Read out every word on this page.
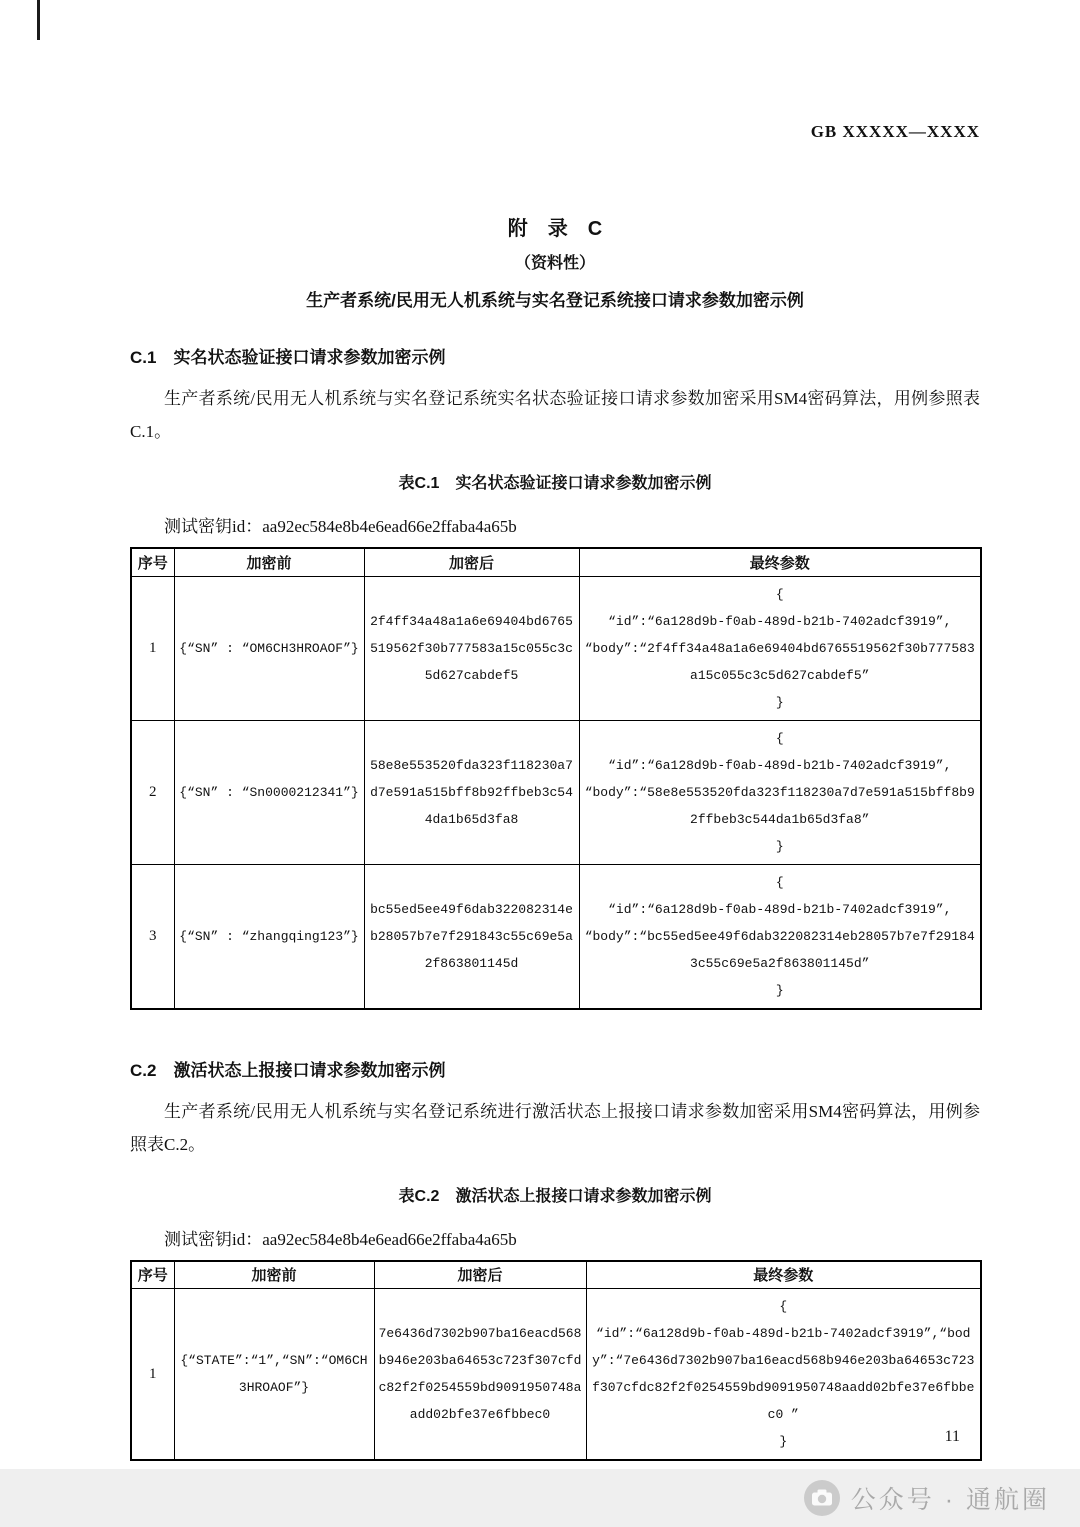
GB XXXXX—XXXX
附　录　C
（资料性）
生产者系统/民用无人机系统与实名登记系统接口请求参数加密示例
C.1　实名状态验证接口请求参数加密示例
生产者系统/民用无人机系统与实名登记系统实名状态验证接口请求参数加密采用SM4密码算法，用例参照表C.1。
表C.1　实名状态验证接口请求参数加密示例
测试密钥id：aa92ec584e8b4e6ead66e2ffaba4a65b
序号	加密前	加密后	最终参数
1	{“SN” : “OM6CH3HROAOF”}	2f4ff34a48a1a6e69404bd6765519562f30b777583a15c055c3c5d627cabdef5	{
“id”:“6a128d9b-f0ab-489d-b21b-7402adcf3919”,
“body”:“2f4ff34a48a1a6e69404bd6765519562f30b777583a15c055c3c5d627cabdef5”
}

2	{“SN” : “Sn0000212341”}	58e8e553520fda323f118230a7d7e591a515bff8b92ffbeb3c544da1b65d3fa8	{
“id”:“6a128d9b-f0ab-489d-b21b-7402adcf3919”,
“body”:“58e8e553520fda323f118230a7d7e591a515bff8b92ffbeb3c544da1b65d3fa8”
}

3	{“SN” : “zhangqing123”}	bc55ed5ee49f6dab322082314eb28057b7e7f291843c55c69e5a2f863801145d	{
“id”:“6a128d9b-f0ab-489d-b21b-7402adcf3919”,
“body”:“bc55ed5ee49f6dab322082314eb28057b7e7f291843c55c69e5a2f863801145d”
}
C.2　激活状态上报接口请求参数加密示例
生产者系统/民用无人机系统与实名登记系统进行激活状态上报接口请求参数加密采用SM4密码算法，用例参照表C.2。
表C.2　激活状态上报接口请求参数加密示例
测试密钥id：aa92ec584e8b4e6ead66e2ffaba4a65b
序号	加密前	加密后	最终参数
1	{“STATE”:“1”,“SN”:“OM6CH3HROAOF”}	7e6436d7302b907ba16eacd568b946e203ba64653c723f307cfdc82f2f0254559bd9091950748aadd02bfe37e6fbbec0	{
“id”:“6a128d9b-f0ab-489d-b21b-7402adcf3919”,“body”:“7e6436d7302b907ba16eacd568b946e203ba64653c723f307cfdc82f2f0254559bd9091950748aadd02bfe37e6fbbec0 ”
}	11
公众号 · 通航圈
